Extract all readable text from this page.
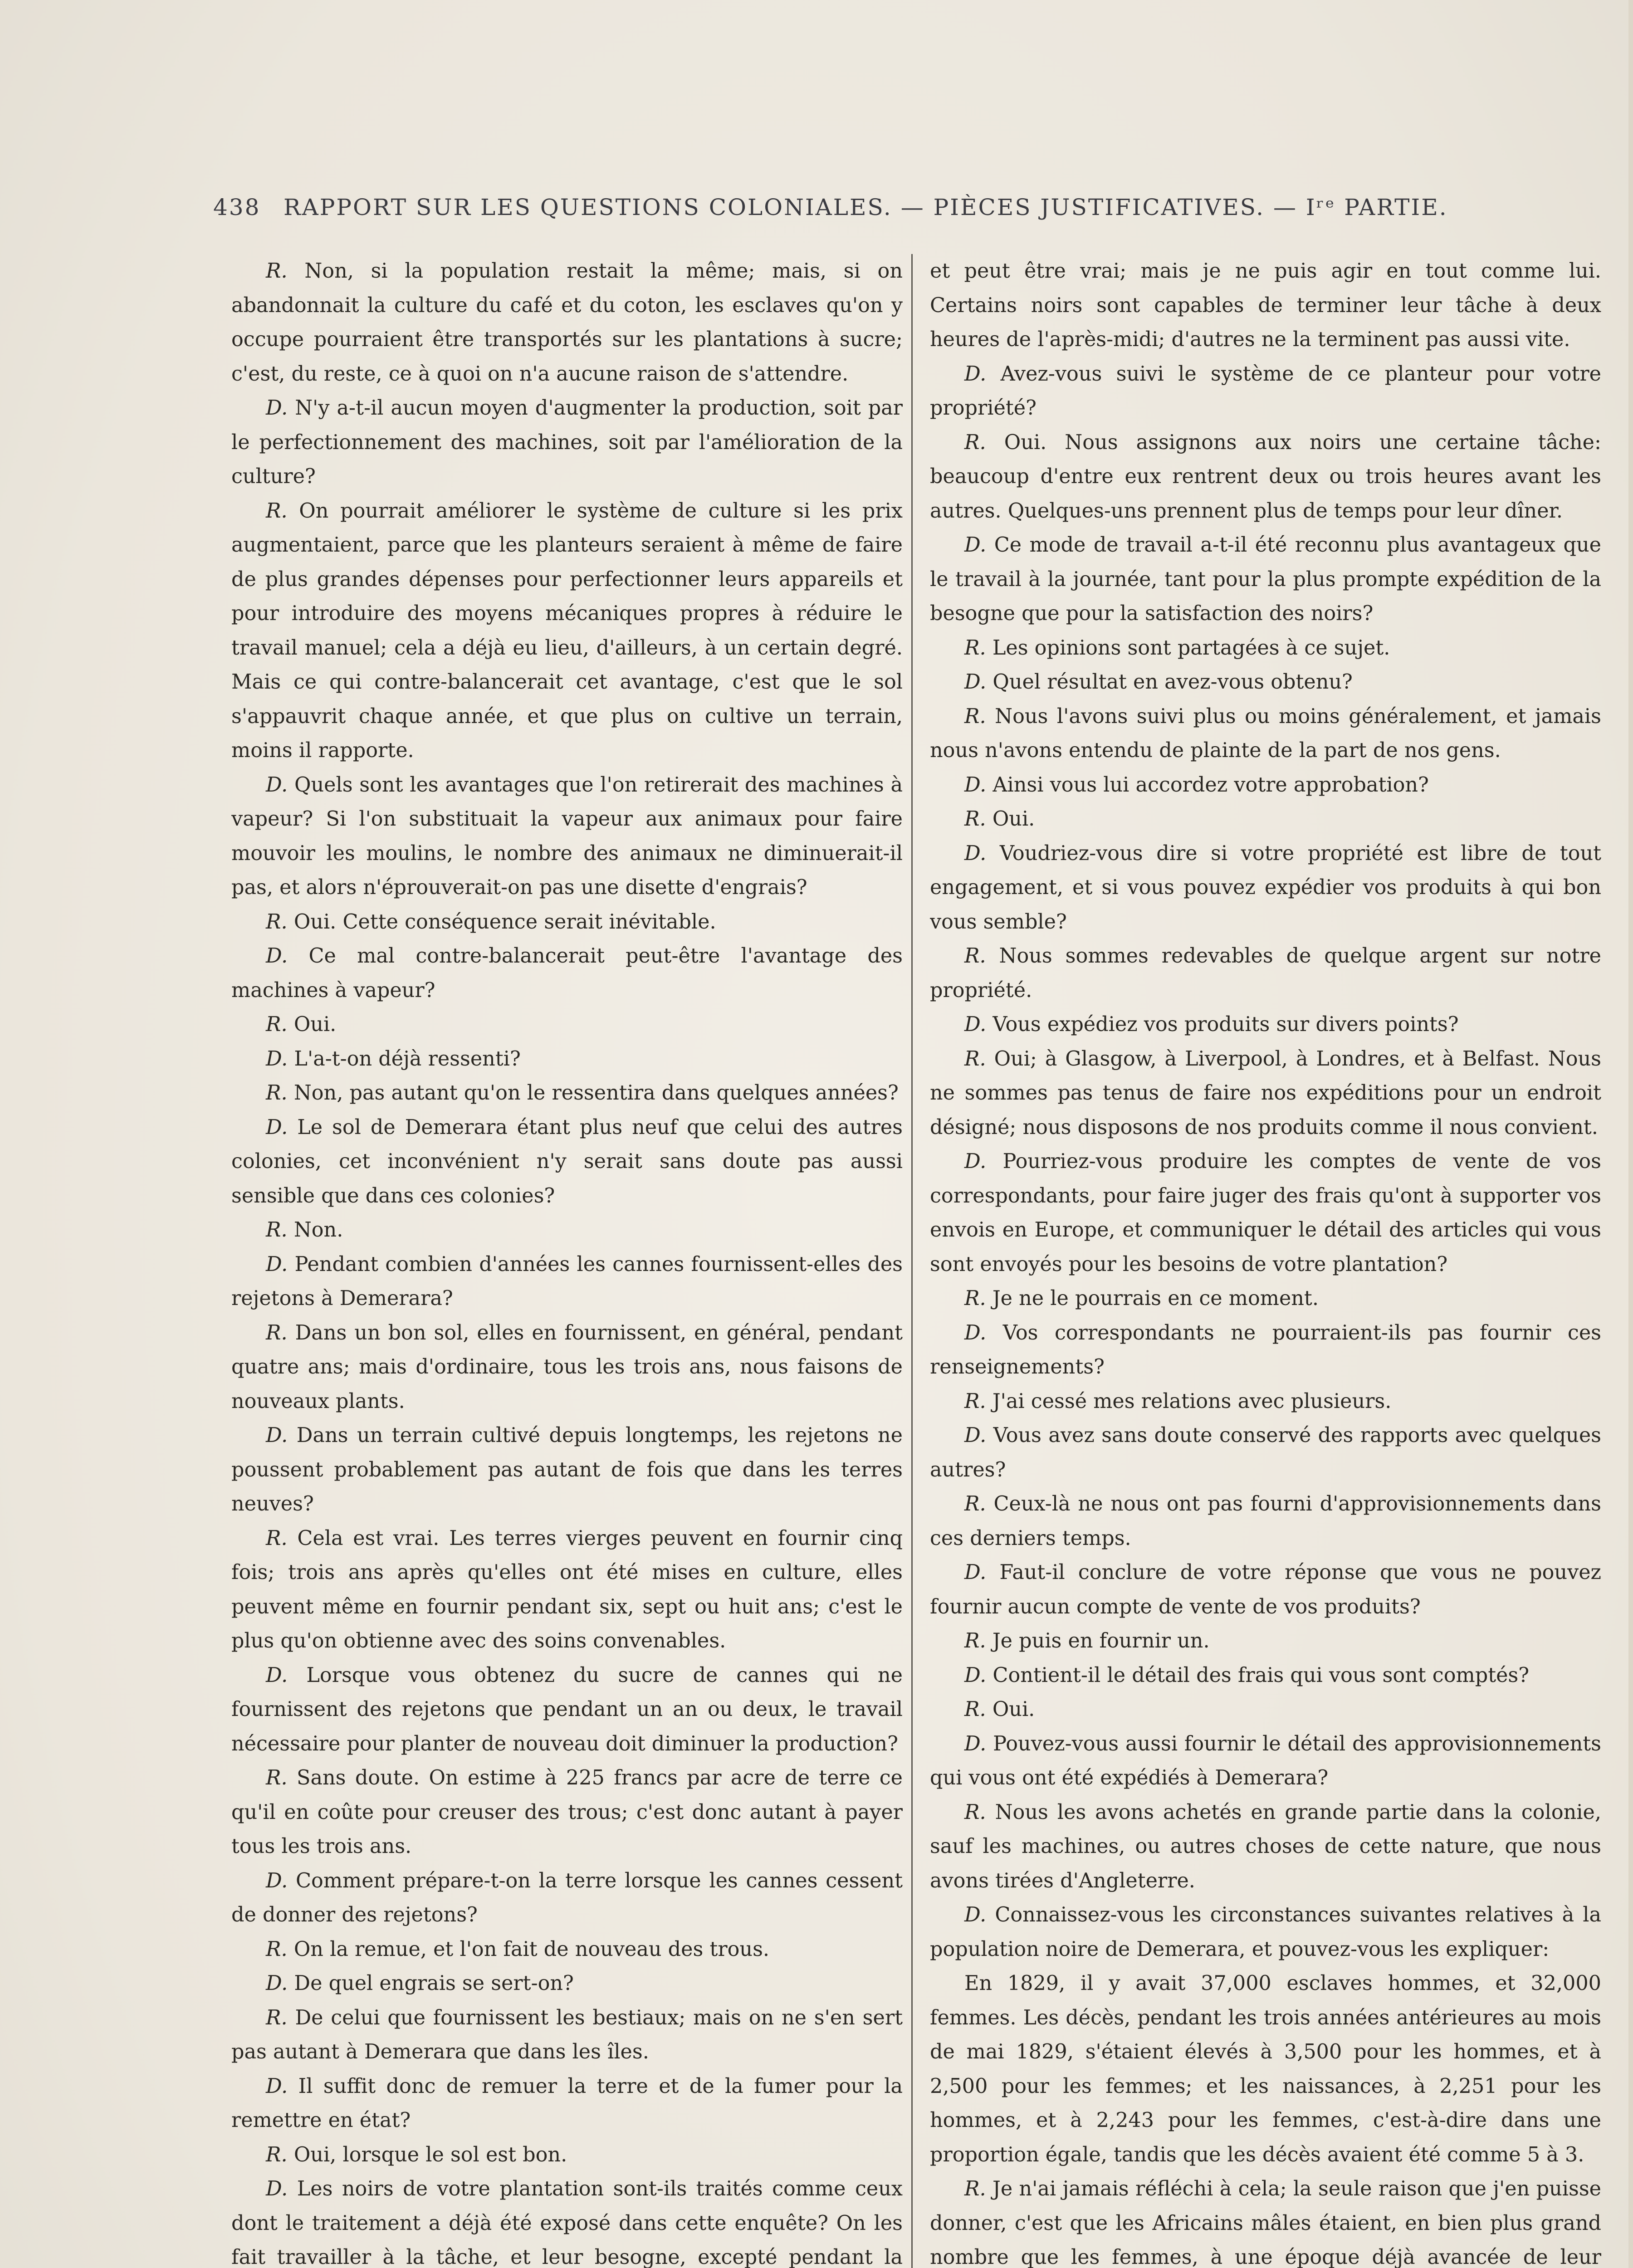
438 RAPPORT SUR LES QUESTIONS COLONIALES. — PIÈCES JUSTIFICATIVES. — Iʳᵉ PARTIE.

R. Non, si la population restait la même; mais, si on abandonnait la culture du café et du coton, les esclaves qu'on y occupe pourraient être transportés sur les plantations à sucre; c'est, du reste, ce à quoi on n'a aucune raison de s'attendre.

D. N'y a-t-il aucun moyen d'augmenter la production, soit par le perfectionnement des machines, soit par l'amélioration de la culture?

R. On pourrait améliorer le système de culture si les prix augmentaient, parce que les planteurs seraient à même de faire de plus grandes dépenses pour perfectionner leurs appareils et pour introduire des moyens mécaniques propres à réduire le travail manuel; cela a déjà eu lieu, d'ailleurs, à un certain degré. Mais ce qui contre-balancerait cet avantage, c'est que le sol s'appauvrit chaque année, et que plus on cultive un terrain, moins il rapporte.

D. Quels sont les avantages que l'on retirerait des machines à vapeur? Si l'on substituait la vapeur aux animaux pour faire mouvoir les moulins, le nombre des animaux ne diminuerait-il pas, et alors n'éprouverait-on pas une disette d'engrais?

R. Oui. Cette conséquence serait inévitable.

D. Ce mal contre-balancerait peut-être l'avantage des machines à vapeur?

R. Oui.

D. L'a-t-on déjà ressenti?

R. Non, pas autant qu'on le ressentira dans quelques années?

D. Le sol de Demerara étant plus neuf que celui des autres colonies, cet inconvénient n'y serait sans doute pas aussi sensible que dans ces colonies?

R. Non.

D. Pendant combien d'années les cannes fournissent-elles des rejetons à Demerara?

R. Dans un bon sol, elles en fournissent, en général, pendant quatre ans; mais d'ordinaire, tous les trois ans, nous faisons de nouveaux plants.

D. Dans un terrain cultivé depuis longtemps, les rejetons ne poussent probablement pas autant de fois que dans les terres neuves?

R. Cela est vrai. Les terres vierges peuvent en fournir cinq fois; trois ans après qu'elles ont été mises en culture, elles peuvent même en fournir pendant six, sept ou huit ans; c'est le plus qu'on obtienne avec des soins convenables.

D. Lorsque vous obtenez du sucre de cannes qui ne fournissent des rejetons que pendant un an ou deux, le travail nécessaire pour planter de nouveau doit diminuer la production?

R. Sans doute. On estime à 225 francs par acre de terre ce qu'il en coûte pour creuser des trous; c'est donc autant à payer tous les trois ans.

D. Comment prépare-t-on la terre lorsque les cannes cessent de donner des rejetons?

R. On la remue, et l'on fait de nouveau des trous.

D. De quel engrais se sert-on?

R. De celui que fournissent les bestiaux; mais on ne s'en sert pas autant à Demerara que dans les îles.

D. Il suffit donc de remuer la terre et de la fumer pour la remettre en état?

R. Oui, lorsque le sol est bon.

D. Les noirs de votre plantation sont-ils traités comme ceux dont le traitement a déjà été exposé dans cette enquête? On les fait travailler à la tâche, et leur besogne, excepté pendant la

et peut être vrai; mais je ne puis agir en tout comme lui. Certains noirs sont capables de terminer leur tâche à deux heures de l'après-midi; d'autres ne la terminent pas aussi vite.

D. Avez-vous suivi le système de ce planteur pour votre propriété?

R. Oui. Nous assignons aux noirs une certaine tâche: beaucoup d'entre eux rentrent deux ou trois heures avant les autres. Quelques-uns prennent plus de temps pour leur dîner.

D. Ce mode de travail a-t-il été reconnu plus avantageux que le travail à la journée, tant pour la plus prompte expédition de la besogne que pour la satisfaction des noirs?

R. Les opinions sont partagées à ce sujet.

D. Quel résultat en avez-vous obtenu?

R. Nous l'avons suivi plus ou moins généralement, et jamais nous n'avons entendu de plainte de la part de nos gens.

D. Ainsi vous lui accordez votre approbation?

R. Oui.

D. Voudriez-vous dire si votre propriété est libre de tout engagement, et si vous pouvez expédier vos produits à qui bon vous semble?

R. Nous sommes redevables de quelque argent sur notre propriété.

D. Vous expédiez vos produits sur divers points?

R. Oui; à Glasgow, à Liverpool, à Londres, et à Belfast. Nous ne sommes pas tenus de faire nos expéditions pour un endroit désigné; nous disposons de nos produits comme il nous convient.

D. Pourriez-vous produire les comptes de vente de vos correspondants, pour faire juger des frais qu'ont à supporter vos envois en Europe, et communiquer le détail des articles qui vous sont envoyés pour les besoins de votre plantation?

R. Je ne le pourrais en ce moment.

D. Vos correspondants ne pourraient-ils pas fournir ces renseignements?

R. J'ai cessé mes relations avec plusieurs.

D. Vous avez sans doute conservé des rapports avec quelques autres?

R. Ceux-là ne nous ont pas fourni d'approvisionnements dans ces derniers temps.

D. Faut-il conclure de votre réponse que vous ne pouvez fournir aucun compte de vente de vos produits?

R. Je puis en fournir un.

D. Contient-il le détail des frais qui vous sont comptés?

R. Oui.

D. Pouvez-vous aussi fournir le détail des approvisionnements qui vous ont été expédiés à Demerara?

R. Nous les avons achetés en grande partie dans la colonie, sauf les machines, ou autres choses de cette nature, que nous avons tirées d'Angleterre.

D. Connaissez-vous les circonstances suivantes relatives à la population noire de Demerara, et pouvez-vous les expliquer:

En 1829, il y avait 37,000 esclaves hommes, et 32,000 femmes. Les décès, pendant les trois années antérieures au mois de mai 1829, s'étaient élevés à 3,500 pour les hommes, et à 2,500 pour les femmes; et les naissances, à 2,251 pour les hommes, et à 2,243 pour les femmes, c'est-à-dire dans une proportion égale, tandis que les décès avaient été comme 5 à 3.

R. Je n'ai jamais réfléchi à cela; la seule raison que j'en puisse donner, c'est que les Africains mâles étaient, en bien plus grand nombre que les femmes, à une époque déjà avancée de leur
